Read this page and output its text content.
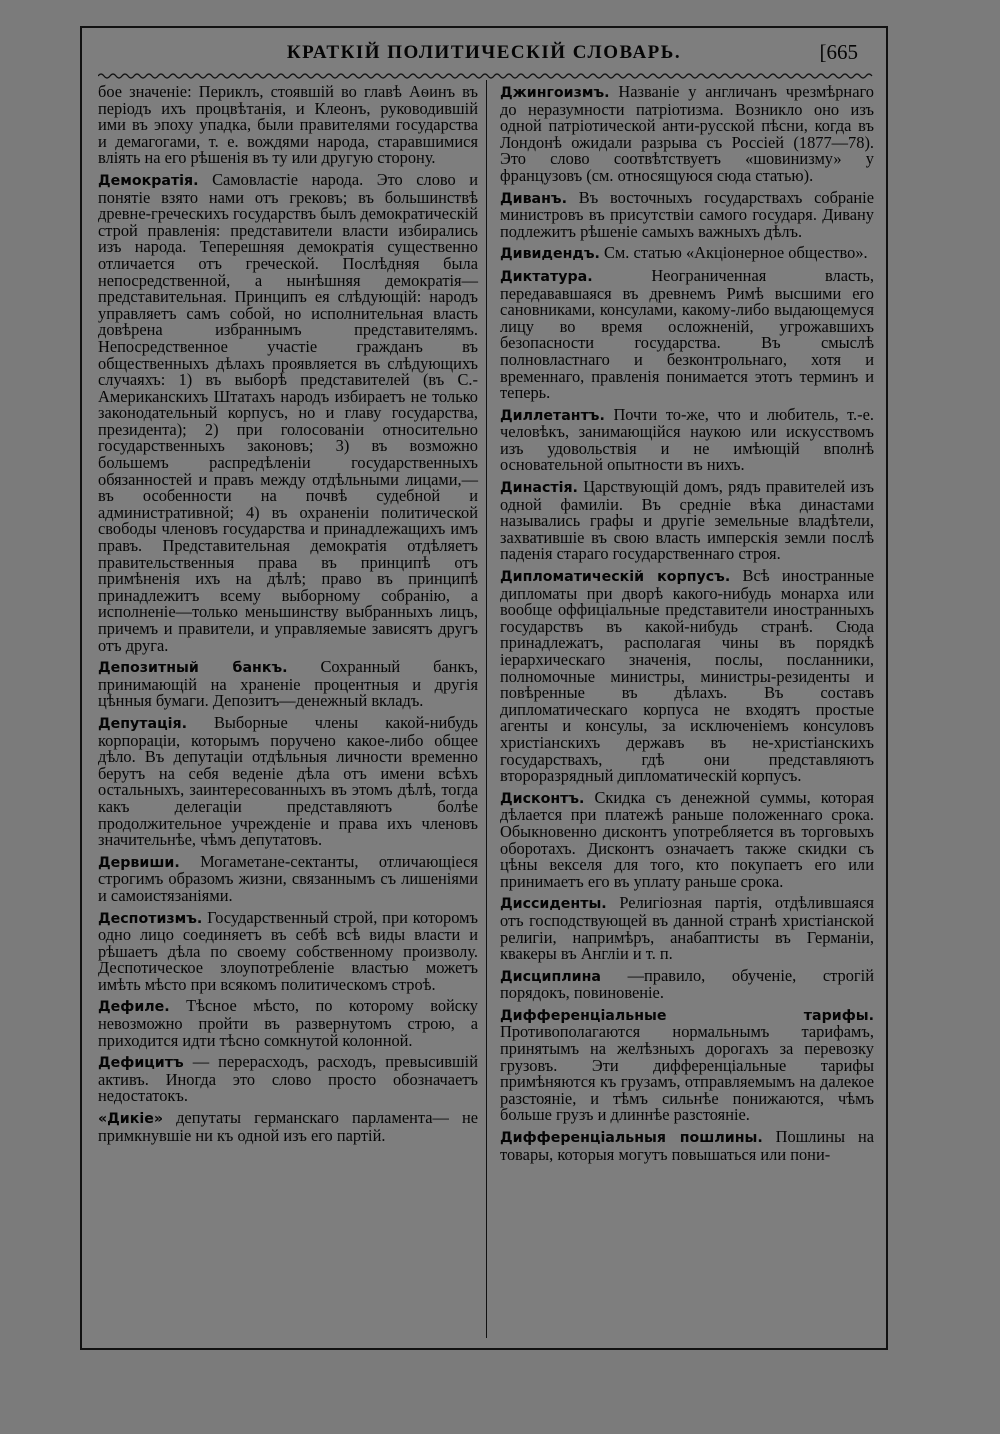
КРАТКІЙ ПОЛИТИЧЕСКІЙ СЛОВАРЬ.	[665

бое значеніе: Периклъ, стоявшій во главѣ Аѳинъ въ періодъ ихъ процвѣтанія, и Клеонъ, руководившій ими въ эпоху упадка, были правителями государства и демагогами, т. е. вождями народа, старавшимися влiять на его рѣшенія въ ту или другую сторону.

Демократія. Самовластіе народа. Это слово и понятіе взято нами отъ грековъ; въ большинствѣ древне-греческихъ государствъ былъ демократическій строй правленія: представители власти избирались изъ народа. Теперешняя демократія существенно отличается отъ греческой. Послѣдняя была непосредственной, а нынѣшняя демократія—представительная. Принципъ ея слѣдующій: народъ управляетъ самъ собой, но исполнительная власть довѣрена избраннымъ представителямъ. Непосредственное участіе гражданъ въ общественныхъ дѣлахъ проявляется въ слѣдующихъ случаяхъ: 1) въ выборѣ представителей (въ С.-Американскихъ Штатахъ народъ избираетъ не только законодательный корпусъ, но и главу государства, президента); 2) при голосованіи относительно государственныхъ законовъ; 3) въ возможно большемъ распредѣленіи государственныхъ обязанностей и правъ между отдѣльными лицами,—въ особенности на почвѣ судебной и административной; 4) въ охраненіи политической свободы членовъ государства и принадлежащихъ имъ правъ. Представительная демократія отдѣляетъ правительственныя права въ принципѣ отъ примѣненія ихъ на дѣлѣ; право въ принципѣ принадлежитъ всему выборному собранію, а исполненіе—только меньшинству выбранныхъ лицъ, причемъ и правители, и управляемые зависятъ другъ отъ друга.

Депозитный банкъ. Сохранный банкъ, принимающій на храненіе процентныя и другія цѣнныя бумаги. Депозитъ—денежный вкладъ.

Депутація. Выборные члены какой-нибудь корпораціи, которымъ поручено какое-либо общее дѣло. Въ депутаціи отдѣльныя личности временно берутъ на себя веденіе дѣла отъ имени всѣхъ остальныхъ, заинтересованныхъ въ этомъ дѣлѣ, тогда какъ делегаціи представляютъ болѣе продолжительное учрежденіе и права ихъ членовъ значительнѣе, чѣмъ депутатовъ.

Дервиши. Могаметане-сектанты, отличающіеся строгимъ образомъ жизни, связаннымъ съ лишеніями и самоистязаніями.

Деспотизмъ. Государственный строй, при которомъ одно лицо соединяетъ въ себѣ всѣ виды власти и рѣшаетъ дѣла по своему собственному произволу. Деспотическое злоупотребленіе властью можетъ имѣть мѣсто при всякомъ политическомъ строѣ.

Дефиле. Тѣсное мѣсто, по которому войску невозможно пройти въ развернутомъ строю, а приходится идти тѣсно сомкнутой колонной.

Дефицитъ — перерасходъ, расходъ, превысившій активъ. Иногда это слово просто обозначаетъ недостатокъ.

«Дикіе» депутаты германскаго парламента— не примкнувшіе ни къ одной изъ его партій.

Джингоизмъ. Названіе у англичанъ чрезмѣрнаго до неразумности патріотизма. Возникло оно изъ одной патріотической анти-русской пѣсни, когда въ Лондонѣ ожидали разрыва съ Россіей (1877—78). Это слово соотвѣтствуетъ «шовинизму» у французовъ (см. относящуюся сюда статью).

Диванъ. Въ восточныхъ государствахъ собраніе министровъ въ присутствіи самого государя. Дивану подлежитъ рѣшеніе самыхъ важныхъ дѣлъ.

Дивидендъ. См. статью «Акціонерное общество».

Диктатура.	Неограниченная власть, передававшаяся въ древнемъ Римѣ высшими его сановниками, консулами, какому-либо выдающемуся лицу во время осложненій, угрожавшихъ безопасности государства. Въ смыслѣ полновластнаго и безконтрольнаго, хотя и временнаго, правленія понимается этотъ терминъ и теперь.

Диллетантъ. Почти то-же, что и любитель, т.-е. человѣкъ, занимающійся наукою или искусствомъ изъ удовольствія и не имѣющій вполнѣ основательной опытности въ нихъ.

Династія. Царствующій домъ, рядъ правителей изъ одной фамиліи. Въ средніе вѣка династами назывались графы и другіе земельные владѣтели, захватившіе въ свою власть имперскія земли послѣ паденія стараго государственнаго строя.

Дипломатическій корпусъ. Всѣ иностранные дипломаты при дворѣ какого-нибудь монарха или вообще оффиціальные представители иностранныхъ государствъ въ какой-нибудь странѣ. Сюда принадлежатъ, располагая чины въ порядкѣ іерархическаго значенія, послы, посланники, полномочные министры, министры-резиденты и повѣренные въ дѣлахъ. Въ составъ дипломатическаго корпуса не входятъ простые агенты и консулы, за исключеніемъ консуловъ христіанскихъ державъ въ не-христіанскихъ государствахъ, гдѣ они представляютъ второразрядный дипломатическій корпусъ.

Дисконтъ. Скидка съ денежной суммы, которая дѣлается при платежѣ раньше положеннаго срока. Обыкновенно дисконтъ употребляется въ торговыхъ оборотахъ. Дисконтъ означаетъ также скидки съ цѣны векселя для того, кто покупаетъ его или принимаетъ его въ уплату раньше срока.

Диссиденты. Религіозная партія, отдѣлившаяся отъ господствующей въ данной странѣ христіанской религіи, напримѣръ, анабаптисты въ Германіи, квакеры въ Англіи и т. п.

Дисциплина —правило, обученіе, строгій порядокъ, повиновеніе.

Дифференціальные тарифы. Противополагаются нормальнымъ тарифамъ, принятымъ на желѣзныхъ дорогахъ за перевозку грузовъ. Эти дифференціальные тарифы примѣняются къ грузамъ, отправляемымъ на далекое разстояніе, и тѣмъ сильнѣе понижаются, чѣмъ больше грузъ и длиннѣе разстояніе.

Дифференціальныя пошлины. Пошлины на товары, которыя могутъ повышаться или пони-
